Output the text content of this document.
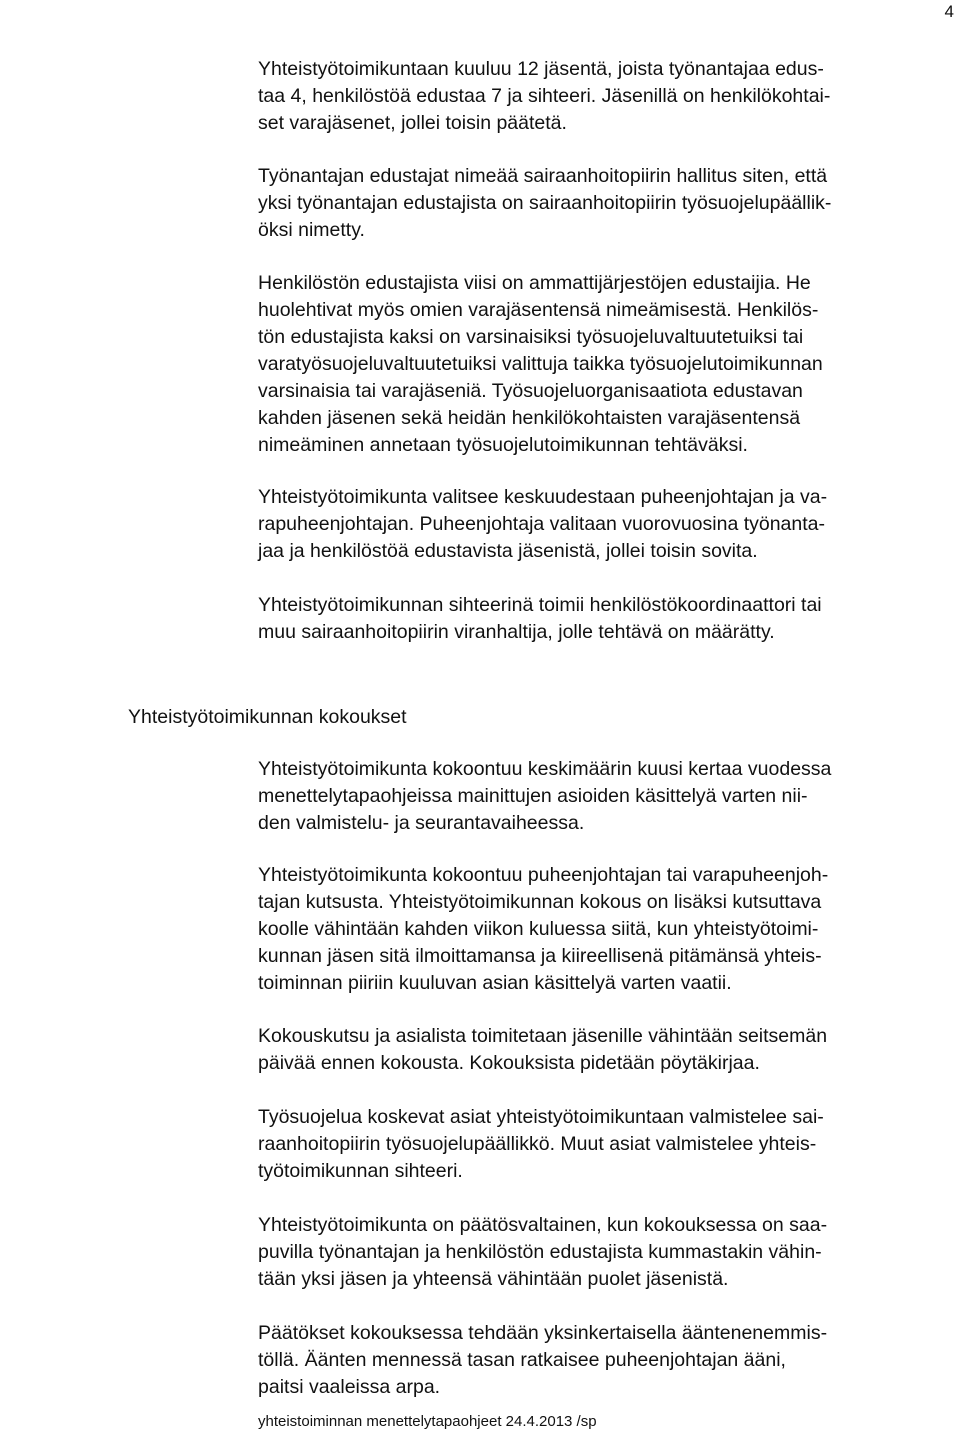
4

Yhteistyötoimikuntaan kuuluu 12 jäsentä, joista työnantajaa edus-

taa 4, henkilöstöä edustaa 7 ja sihteeri. Jäsenillä on henkilökohtai-

set varajäsenet, jollei toisin päätetä.

Työnantajan edustajat nimeää sairaanhoitopiirin hallitus siten, että

yksi työnantajan edustajista on sairaanhoitopiirin työsuojelupäällik-

öksi nimetty.

Henkilöstön edustajista viisi on ammattijärjestöjen edustaijia. He

huolehtivat myös omien varajäsentensä nimeämisestä. Henkilös-

tön edustajista kaksi on varsinaisiksi työsuojeluvaltuutetuiksi tai

varatyösuojeluvaltuutetuiksi valittuja taikka työsuojelutoimikunnan

varsinaisia tai varajäseniä. Työsuojeluorganisaatiota edustavan

kahden jäsenen sekä heidän henkilökohtaisten varajäsentensä

nimeäminen annetaan työsuojelutoimikunnan tehtäväksi.

Yhteistyötoimikunta valitsee keskuudestaan puheenjohtajan ja va-

rapuheenjohtajan. Puheenjohtaja valitaan vuorovuosina työnanta-

jaa ja henkilöstöä edustavista jäsenistä, jollei toisin sovita.

Yhteistyötoimikunnan sihteerinä toimii henkilöstökoordinaattori tai

muu sairaanhoitopiirin viranhaltija, jolle tehtävä on määrätty.

Yhteistyötoimikunnan kokoukset

Yhteistyötoimikunta kokoontuu keskimäärin kuusi kertaa vuodessa

menettelytapaohjeissa mainittujen asioiden käsittelyä varten nii-

den valmistelu- ja seurantavaiheessa.

Yhteistyötoimikunta kokoontuu puheenjohtajan tai varapuheenjoh-

tajan kutsusta. Yhteistyötoimikunnan kokous on lisäksi kutsuttava

koolle vähintään kahden viikon kuluessa siitä, kun yhteistyötoimi-

kunnan jäsen sitä ilmoittamansa ja kiireellisenä pitämänsä yhteis-

toiminnan piiriin kuuluvan asian käsittelyä varten vaatii.

Kokouskutsu ja asialista toimitetaan jäsenille vähintään seitsemän

päivää ennen kokousta. Kokouksista pidetään pöytäkirjaa.

Työsuojelua koskevat asiat yhteistyötoimikuntaan valmistelee sai-

raanhoitopiirin työsuojelupäällikkö. Muut asiat valmistelee yhteis-

työtoimikunnan sihteeri.

Yhteistyötoimikunta on päätösvaltainen, kun kokouksessa on saa-

puvilla työnantajan ja henkilöstön edustajista kummastakin vähin-

tään yksi jäsen ja yhteensä vähintään puolet jäsenistä.

Päätökset kokouksessa tehdään yksinkertaisella ääntenenemmis-

töllä. Äänten mennessä tasan ratkaisee puheenjohtajan ääni,

paitsi vaaleissa arpa.

yhteistoiminnan menettelytapaohjeet 24.4.2013 /sp
